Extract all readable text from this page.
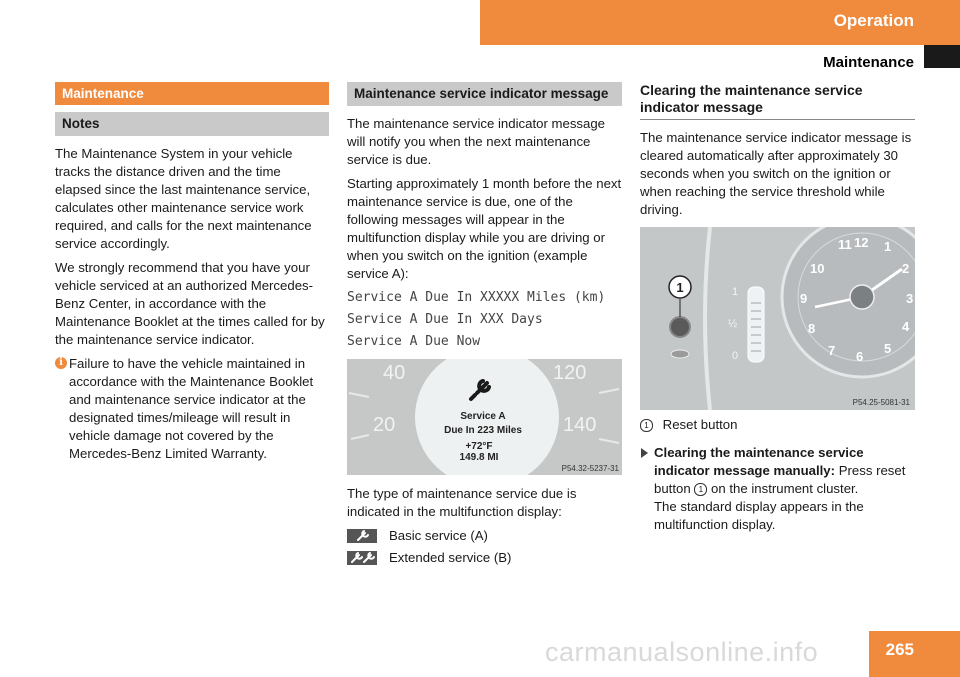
Operation
Maintenance
Maintenance
Notes

The Maintenance System in your vehicle tracks the distance driven and the time elapsed since the last maintenance service, calculates other maintenance service work required, and calls for the next maintenance service accordingly.

We strongly recommend that you have your vehicle serviced at an authorized Mercedes-Benz Center, in accordance with the Maintenance Booklet at the times called for by the maintenance service indicator.

i Failure to have the vehicle maintained in accordance with the Maintenance Booklet and maintenance service indicator at the designated times/mileage will result in vehicle damage not covered by the Mercedes-Benz Limited Warranty.
Maintenance service indicator message

The maintenance service indicator message will notify you when the next maintenance service is due.

Starting approximately 1 month before the next maintenance service is due, one of the following messages will appear in the multifunction display while you are driving or when you switch on the ignition (example service A):

Service A Due In XXXXX Miles (km)
Service A Due In XXX Days
Service A Due Now
40	120
20	140
Service A
Due In 223 Miles
+72°F
149.8 MI
P54.32-5237-31

The type of maintenance service due is indicated in the multifunction display:

Basic service (A)
Extended service (B)
Clearing the maintenance service indicator message

The maintenance service indicator message is cleared automatically after approximately 30 seconds when you switch on the ignition or when reaching the service threshold while driving.

1	1
½
0
11 12 1
10	2
9	3
8	4
7 6
5
P54.25-5081-31
1 Reset button
Clearing the maintenance service indicator message manually: Press reset button 1 on the instrument cluster.
The standard display appears in the multifunction display.
265
carmanualsonline.info
